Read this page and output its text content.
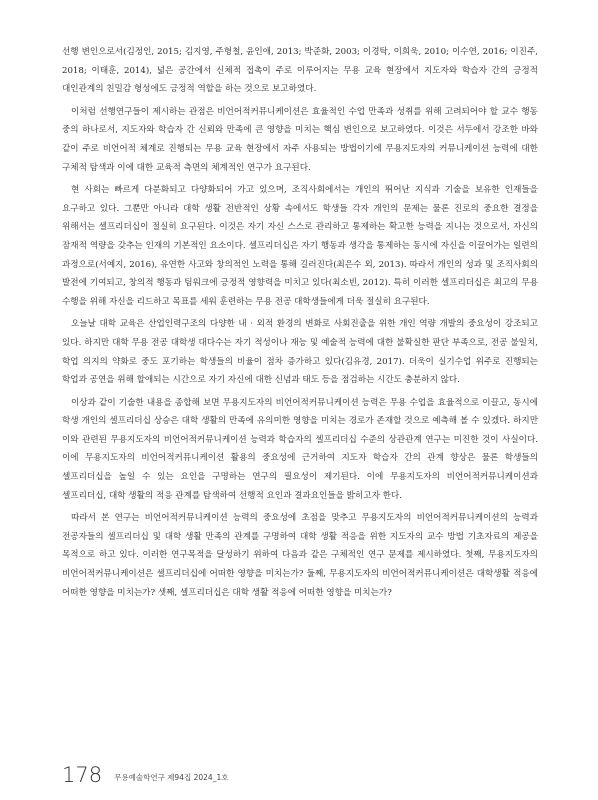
선행 변인으로서(김정인, 2015; 김지영, 주형철, 윤인애, 2013; 박준화, 2003; 이경탁, 이희욱, 2010; 이수연, 2016; 이진주, 2018; 이태훈, 2014), 넓은 공간에서 신체적 접촉이 주로 이루어지는 무용 교육 현장에서 지도자와 학습자 간의 긍정적 대인관계의 친밀감 형성에도 긍정적 역할을 하는 것으로 보고하였다.

이처럼 선행연구들이 제시하는 관점은 비언어적커뮤니케이션은 효율적인 수업 만족과 성취를 위해 고려되어야 할 교수 행동 중의 하나로서, 지도자와 학습자 간 신뢰와 만족에 큰 영향을 미치는 핵심 변인으로 보고하였다. 이것은 서두에서 강조한 바와 같이 주로 비언어적 체계로 진행되는 무용 교육 현장에서 자주 사용되는 방법이기에 무용지도자의 커뮤니케이션 능력에 대한 구체적 탐색과 이에 대한 교육적 측면의 체계적인 연구가 요구된다.

현 사회는 빠르게 다분화되고 다양화되어 가고 있으며, 조직사회에서는 개인의 뛰어난 지식과 기술을 보유한 인재들을 요구하고 있다. 그뿐만 아니라 대학 생활 전반적인 상황 속에서도 학생들 각자 개인의 문제는 물론 진로의 중요한 결정을 위해서는 셀프리더십이 절실히 요구된다. 이것은 자기 자신 스스로 관리하고 통제하는 확고한 능력을 지니는 것으로서, 자신의 잠재적 역량을 갖추는 인재의 기본적인 요소이다. 셀프리더십은 자기 행동과 생각을 통제하는 동시에 자신을 이끌어가는 일련의 과정으로(서예지, 2016), 유연한 사고와 창의적인 노력을 통해 길러진다(최은수 외, 2013). 따라서 개인의 성과 및 조직사회의 발전에 기여되고, 창의적 행동과 팀워크에 긍정적 영향력을 미치고 있다(최소빈, 2012). 특히 이러한 셀프리더십은 최고의 무용 수행을 위해 자신을 리드하고 목표를 세워 훈련하는 무용 전공 대학생들에게 더욱 절실히 요구된다.

오늘날 대학 교육은 산업인력구조의 다양한 내 · 외적 환경의 변화로 사회진출을 위한 개인 역량 개발의 중요성이 강조되고 있다. 하지만 대학 무용 전공 대학생 대다수는 자기 적성이나 재능 및 예술적 능력에 대한 불확실한 판단 부족으로, 전공 불일치, 학업 의지의 약화로 중도 포기하는 학생들의 비율이 점차 증가하고 있다(김유경, 2017). 더욱이 실기수업 위주로 진행되는 학업과 공연을 위해 할애되는 시간으로 자기 자신에 대한 신념과 태도 등을 점검하는 시간도 충분하지 않다.

이상과 같이 기술한 내용을 종합해 보면 무용지도자의 비언어적커뮤니케이션 능력은 무용 수업을 효율적으로 이끌고, 동시에 학생 개인의 셀프리더십 상승은 대학 생활의 만족에 유의미한 영향을 미치는 경로가 존재할 것으로 예측해 볼 수 있겠다. 하지만 이와 관련된 무용지도자의 비언어적커뮤니케이션 능력과 학습자의 셀프리더십 수준의 상관관계 연구는 미진한 것이 사실이다. 이에 무용지도자의 비언어적커뮤니케이션 활용의 중요성에 근거하여 지도자 학습자 간의 관계 향상은 물론 학생들의 셀프리더십을 높일 수 있는 요인을 구명하는 연구의 필요성이 제기된다. 이에 무용지도자의 비언어적커뮤니케이션과 셀프리더십, 대학 생활의 적응 관계를 탐색하여 선행적 요인과 결과요인들을 밝히고자 한다.

따라서 본 연구는 비언어적커뮤니케이션 능력의 중요성에 초점을 맞추고 무용지도자의 비언어적커뮤니케이션의 능력과 전공자들의 셀프리더십 및 대학 생활 만족의 관계를 구명하여 대학 생활 적응을 위한 지도자의 교수 방법 기초자료의 제공을 목적으로 하고 있다. 이러한 연구목적을 달성하기 위하여 다음과 같은 구체적인 연구 문제를 제시하였다. 첫째, 무용지도자의 비언어적커뮤니케이션은 셀프리더십에 어떠한 영향을 미치는가? 둘째, 무용지도자의 비언어적커뮤니케이션은 대학생활 적응에 어떠한 영향을 미치는가? 셋째, 셀프리더십은 대학 생활 적응에 어떠한 영향을 미치는가?

178 무용예술학연구 제94집 2024_1호
